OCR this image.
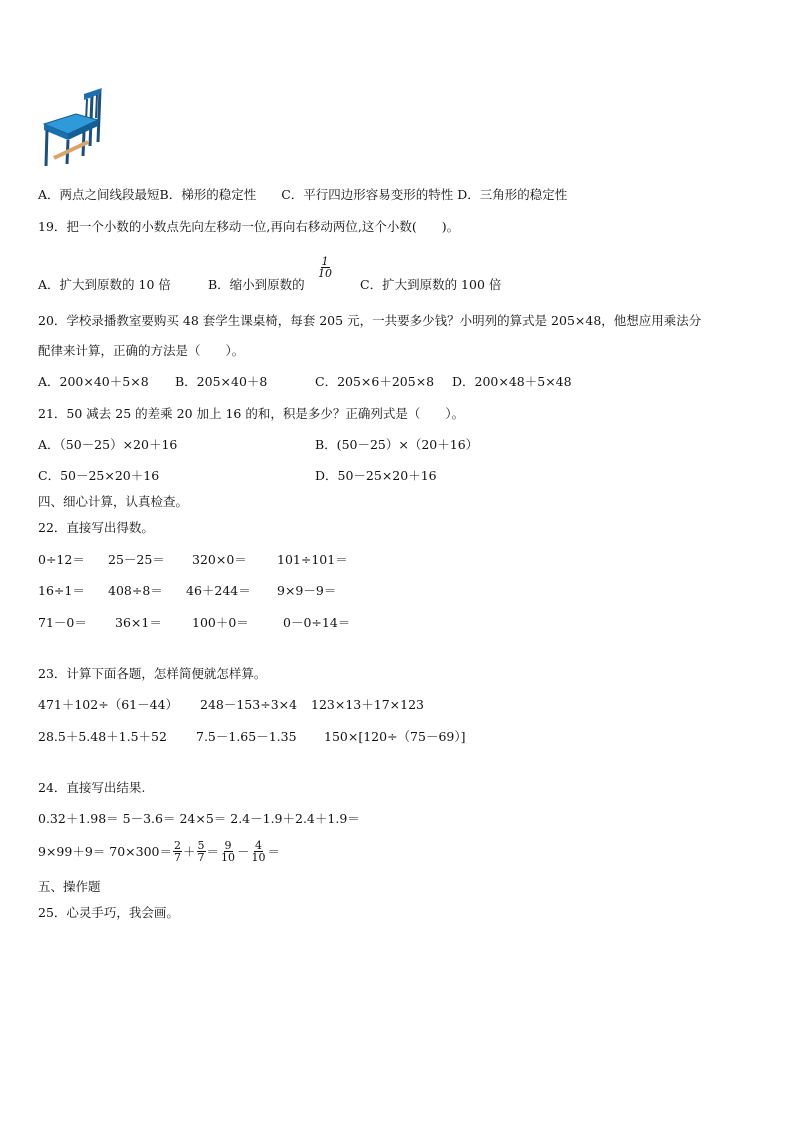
A．两点之间线段最短B．梯形的稳定性　　C．平行四边形容易变形的特性 D．三角形的稳定性
19．把一个小数的小数点先向左移动一位,再向右移动两位,这个小数(　　)。
A．扩大到原数的 10 倍	B．缩小到原数的
$\frac{1}{10}$
C．扩大到原数的 100 倍
20．学校录播教室要购买 48 套学生课桌椅，每套 205 元，一共要多少钱？小明列的算式是 205×48，他想应用乘法分
配律来计算，正确的方法是（　　）。
A．200×40＋5×8 B．205×40＋8	C．205×6＋205×8 D．200×48＋5×48
21．50 减去 25 的差乘 20 加上 16 的和，积是多少？正确列式是（　　）。
A．（50－25）×20＋16	B．(50－25）×（20＋16）
C．50－25×20＋16	D．50－25×20＋16
四、细心计算，认真检查。
22．直接写出得数。
0÷12＝ 25－25＝ 320×0＝ 101÷101＝
16÷1＝ 408÷8＝ 46＋244＝ 9×9－9＝
71－0＝ 36×1＝ 100＋0＝	0－0÷14＝
23．计算下面各题，怎样简便就怎样算。
471＋102÷（61－44） 248－153÷3×4 123×13＋17×123
28.5＋5.48＋1.5＋52 7.5－1.65－1.35 150×[120÷（75－69）]
24．直接写出结果.
0.32＋1.98＝ 5－3.6＝ 24×5＝ 2.4－1.9＋2.4＋1.9＝
$9\times 99+9= 70\times 300= \frac{2}{7} + \frac{5}{7} = \frac{9}{10} - \frac{4}{10}$ ＝
五、操作题
25．心灵手巧，我会画。
